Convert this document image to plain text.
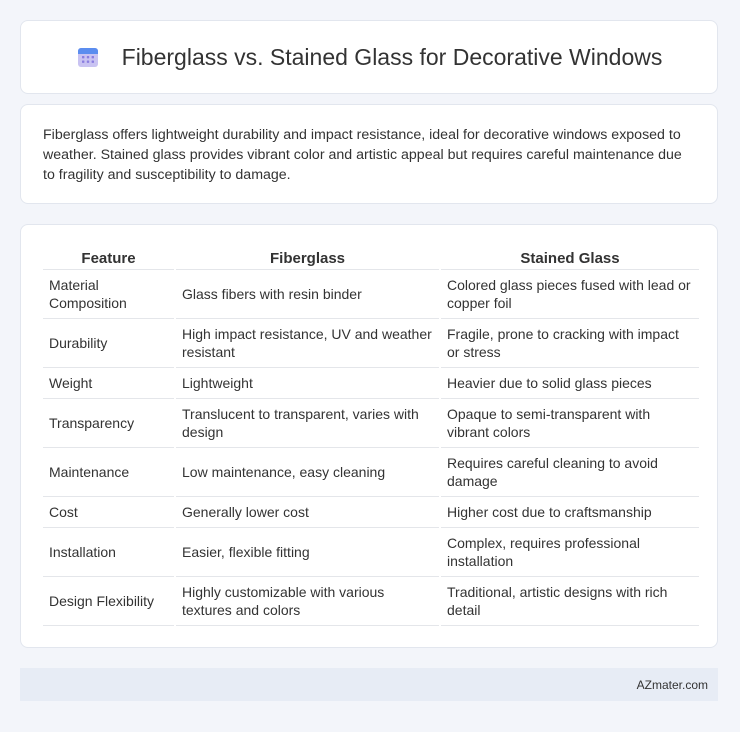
Fiberglass vs. Stained Glass for Decorative Windows

Fiberglass offers lightweight durability and impact resistance, ideal for decorative windows exposed to weather. Stained glass provides vibrant color and artistic appeal but requires careful maintenance due to fragility and susceptibility to damage.

Feature	Fiberglass	Stained Glass
Material Composition	Glass fibers with resin binder	Colored glass pieces fused with lead or copper foil
Durability	High impact resistance, UV and weather resistant	Fragile, prone to cracking with impact or stress
Weight	Lightweight	Heavier due to solid glass pieces
Transparency	Translucent to transparent, varies with design	Opaque to semi-transparent with vibrant colors
Maintenance	Low maintenance, easy cleaning	Requires careful cleaning to avoid damage
Cost	Generally lower cost	Higher cost due to craftsmanship
Installation	Easier, flexible fitting	Complex, requires professional installation
Design Flexibility	Highly customizable with various textures and colors	Traditional, artistic designs with rich detail
AZmater.com
